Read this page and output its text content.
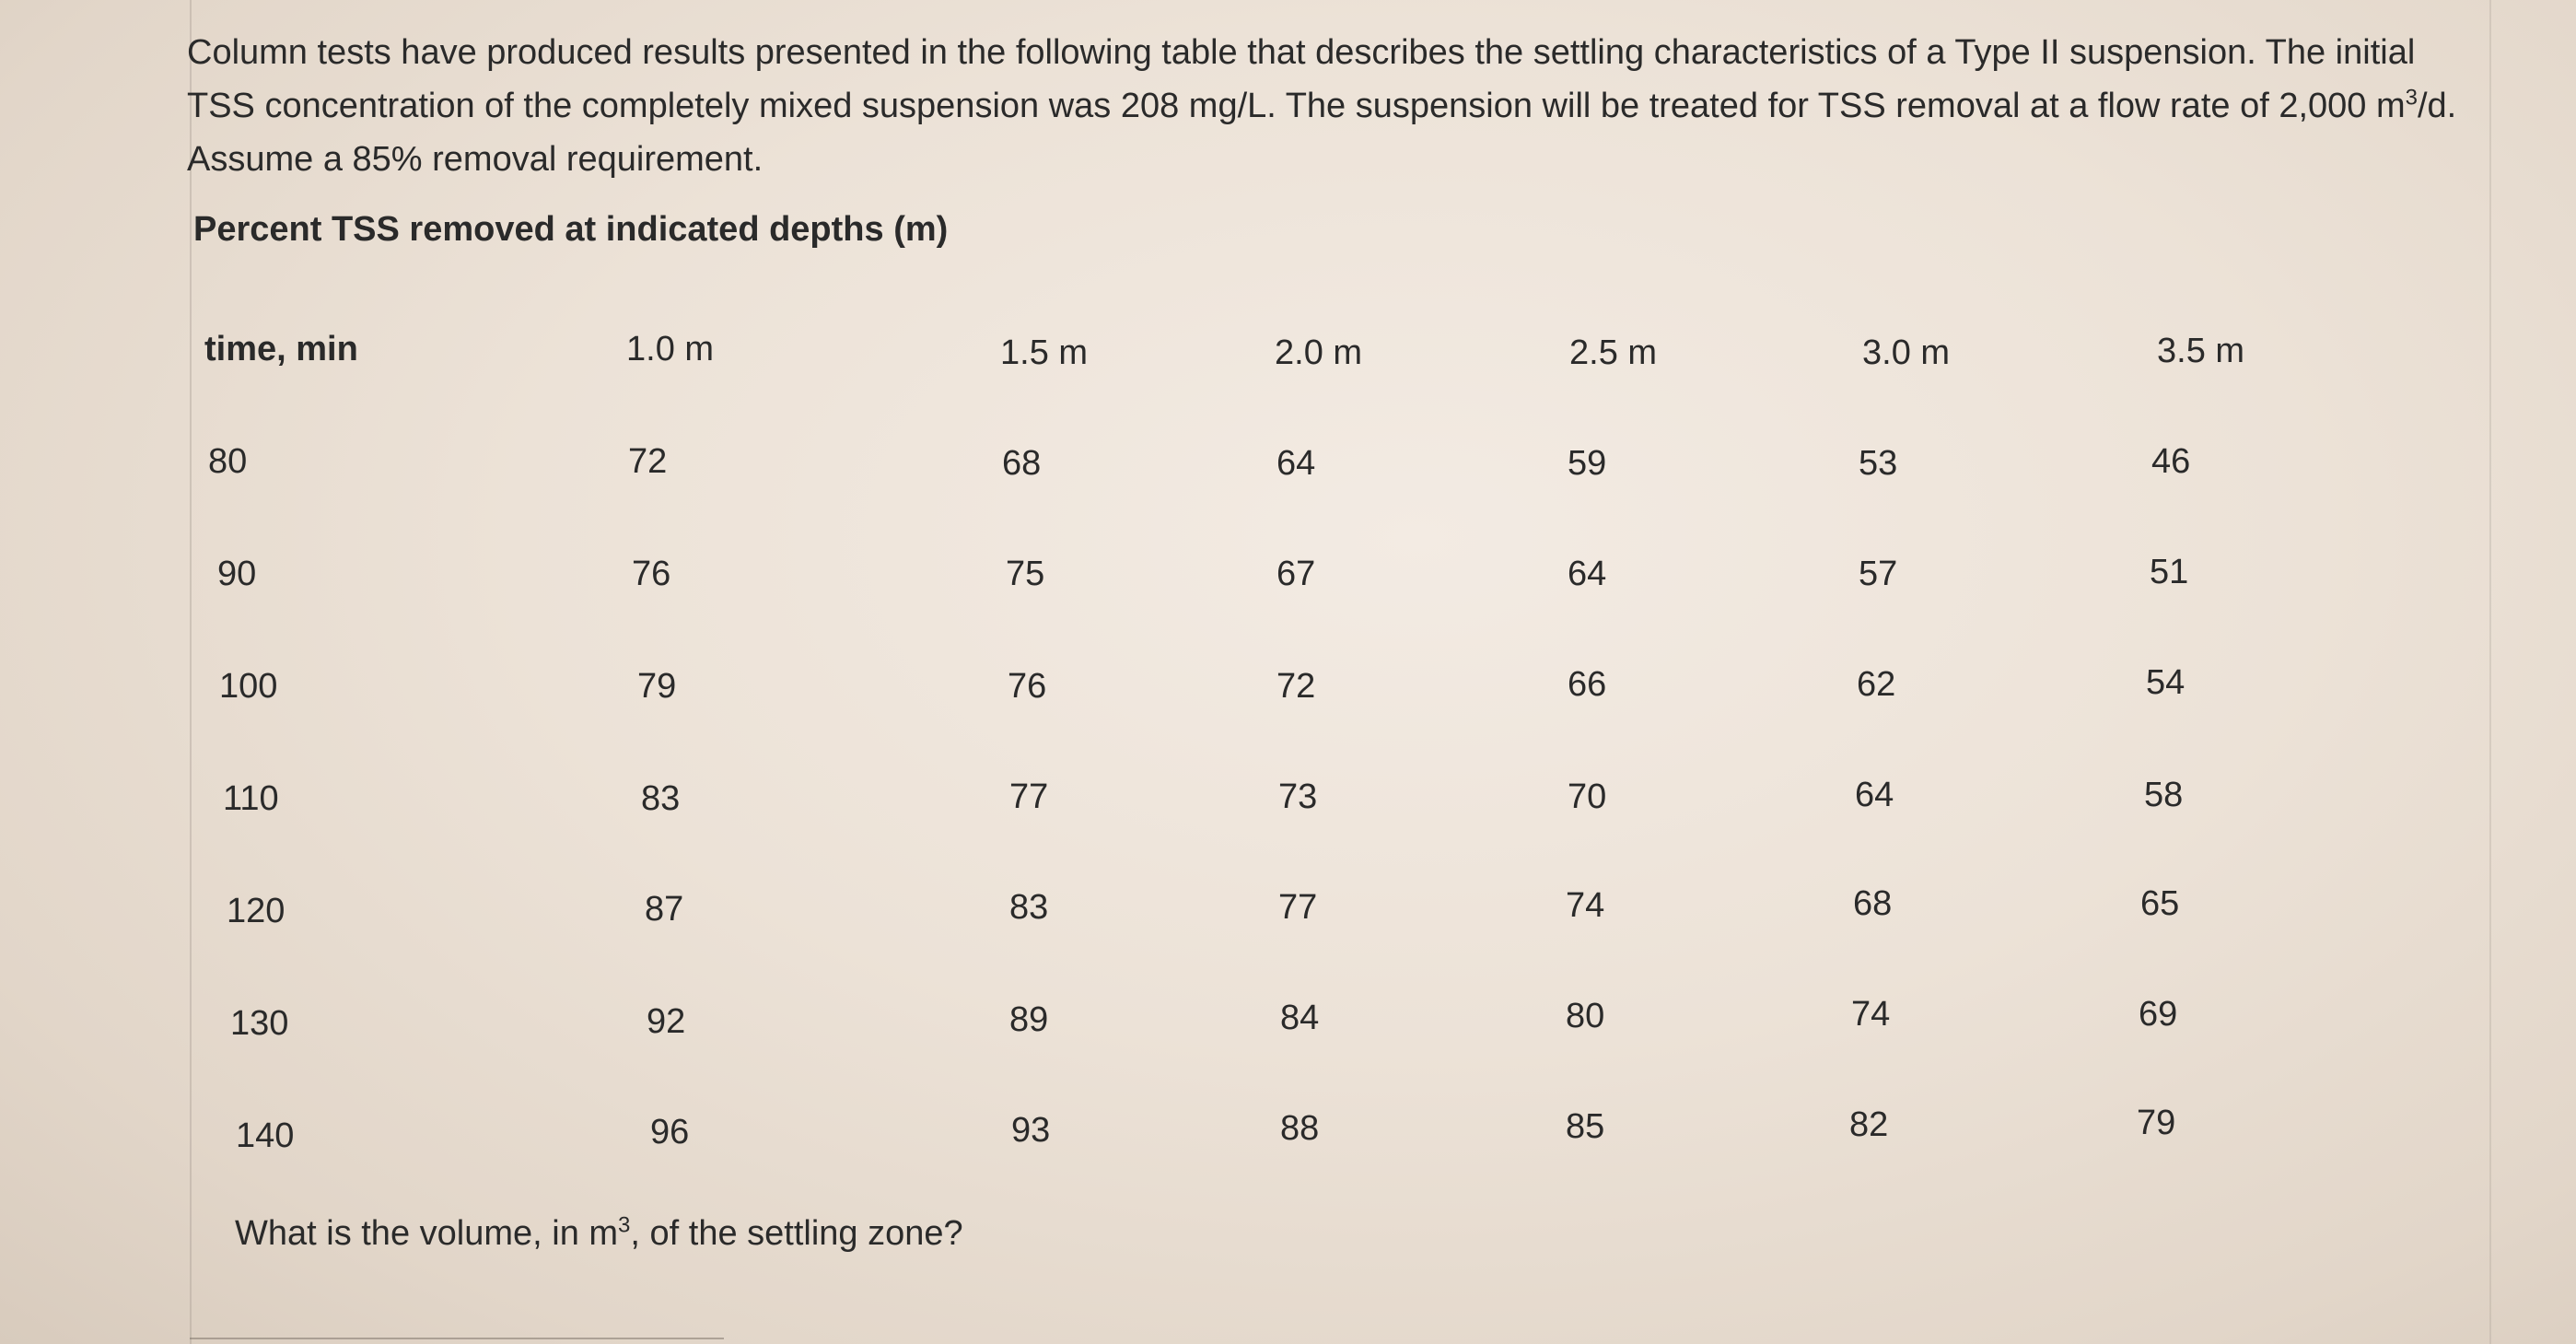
Column tests have produced results presented in the following table that describes the settling characteristics of a Type II suspension. The initial
TSS concentration of the completely mixed suspension was 208 mg/L. The suspension will be treated for TSS removal at a flow rate of 2,000 $m^3/d$.
Assume a 85% removal requirement.
Percent TSS removed at indicated depths (m)
time, min	1.0 m	1.5 m	2.0 m	2.5 m	3.0 m	3.5 m
80	72	68	64	59	53	46
90	76	75	67	64	57	51
100	79	76	72	66	62	54
110	83	77	73	70	64	58
120	87	83	77	74	68	65
130	92	89	84	80	74	69
140	96	93	88	85	82	79
What is the volume, in $m^3$, of the settling zone?
